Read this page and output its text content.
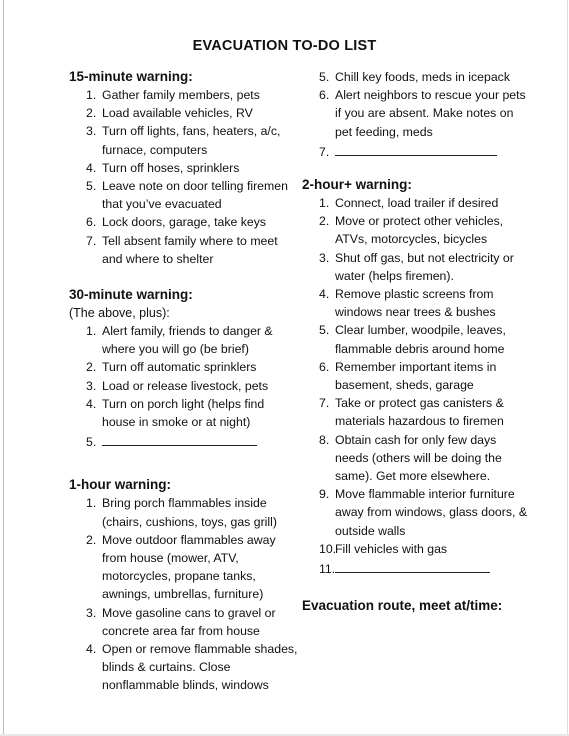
EVACUATION TO-DO LIST
15-minute warning:
1. Gather family members, pets
2. Load available vehicles, RV
3. Turn off lights, fans, heaters, a/c, furnace, computers
4. Turn off hoses, sprinklers
5. Leave note on door telling firemen that you’ve evacuated
6. Lock doors, garage, take keys
7. Tell absent family where to meet and where to shelter
30-minute warning:
(The above, plus):
1. Alert family, friends to danger & where you will go (be brief)
2. Turn off automatic sprinklers
3. Load or release livestock, pets
4. Turn on porch light (helps find house in smoke or at night)
5.
1-hour warning:
1. Bring porch flammables inside (chairs, cushions, toys, gas grill)
2. Move outdoor flammables away from house (mower, ATV, motorcycles, propane tanks, awnings, umbrellas, furniture)
3. Move gasoline cans to gravel or concrete area far from house
4. Open or remove flammable shades, blinds & curtains. Close nonflammable blinds, windows
5. Chill key foods, meds in icepack
6. Alert neighbors to rescue your pets if you are absent. Make notes on pet feeding, meds
7.
2-hour+ warning:
1. Connect, load trailer if desired
2. Move or protect other vehicles, ATVs, motorcycles, bicycles
3. Shut off gas, but not electricity or water (helps firemen).
4. Remove plastic screens from windows near trees & bushes
5. Clear lumber, woodpile, leaves, flammable debris around home
6. Remember important items in basement, sheds, garage
7. Take or protect gas canisters & materials hazardous to firemen
8. Obtain cash for only few days needs (others will be doing the same). Get more elsewhere.
9. Move flammable interior furniture away from windows, glass doors, & outside walls
10.
Fill vehicles with gas
11.
Evacuation route, meet at/time:
